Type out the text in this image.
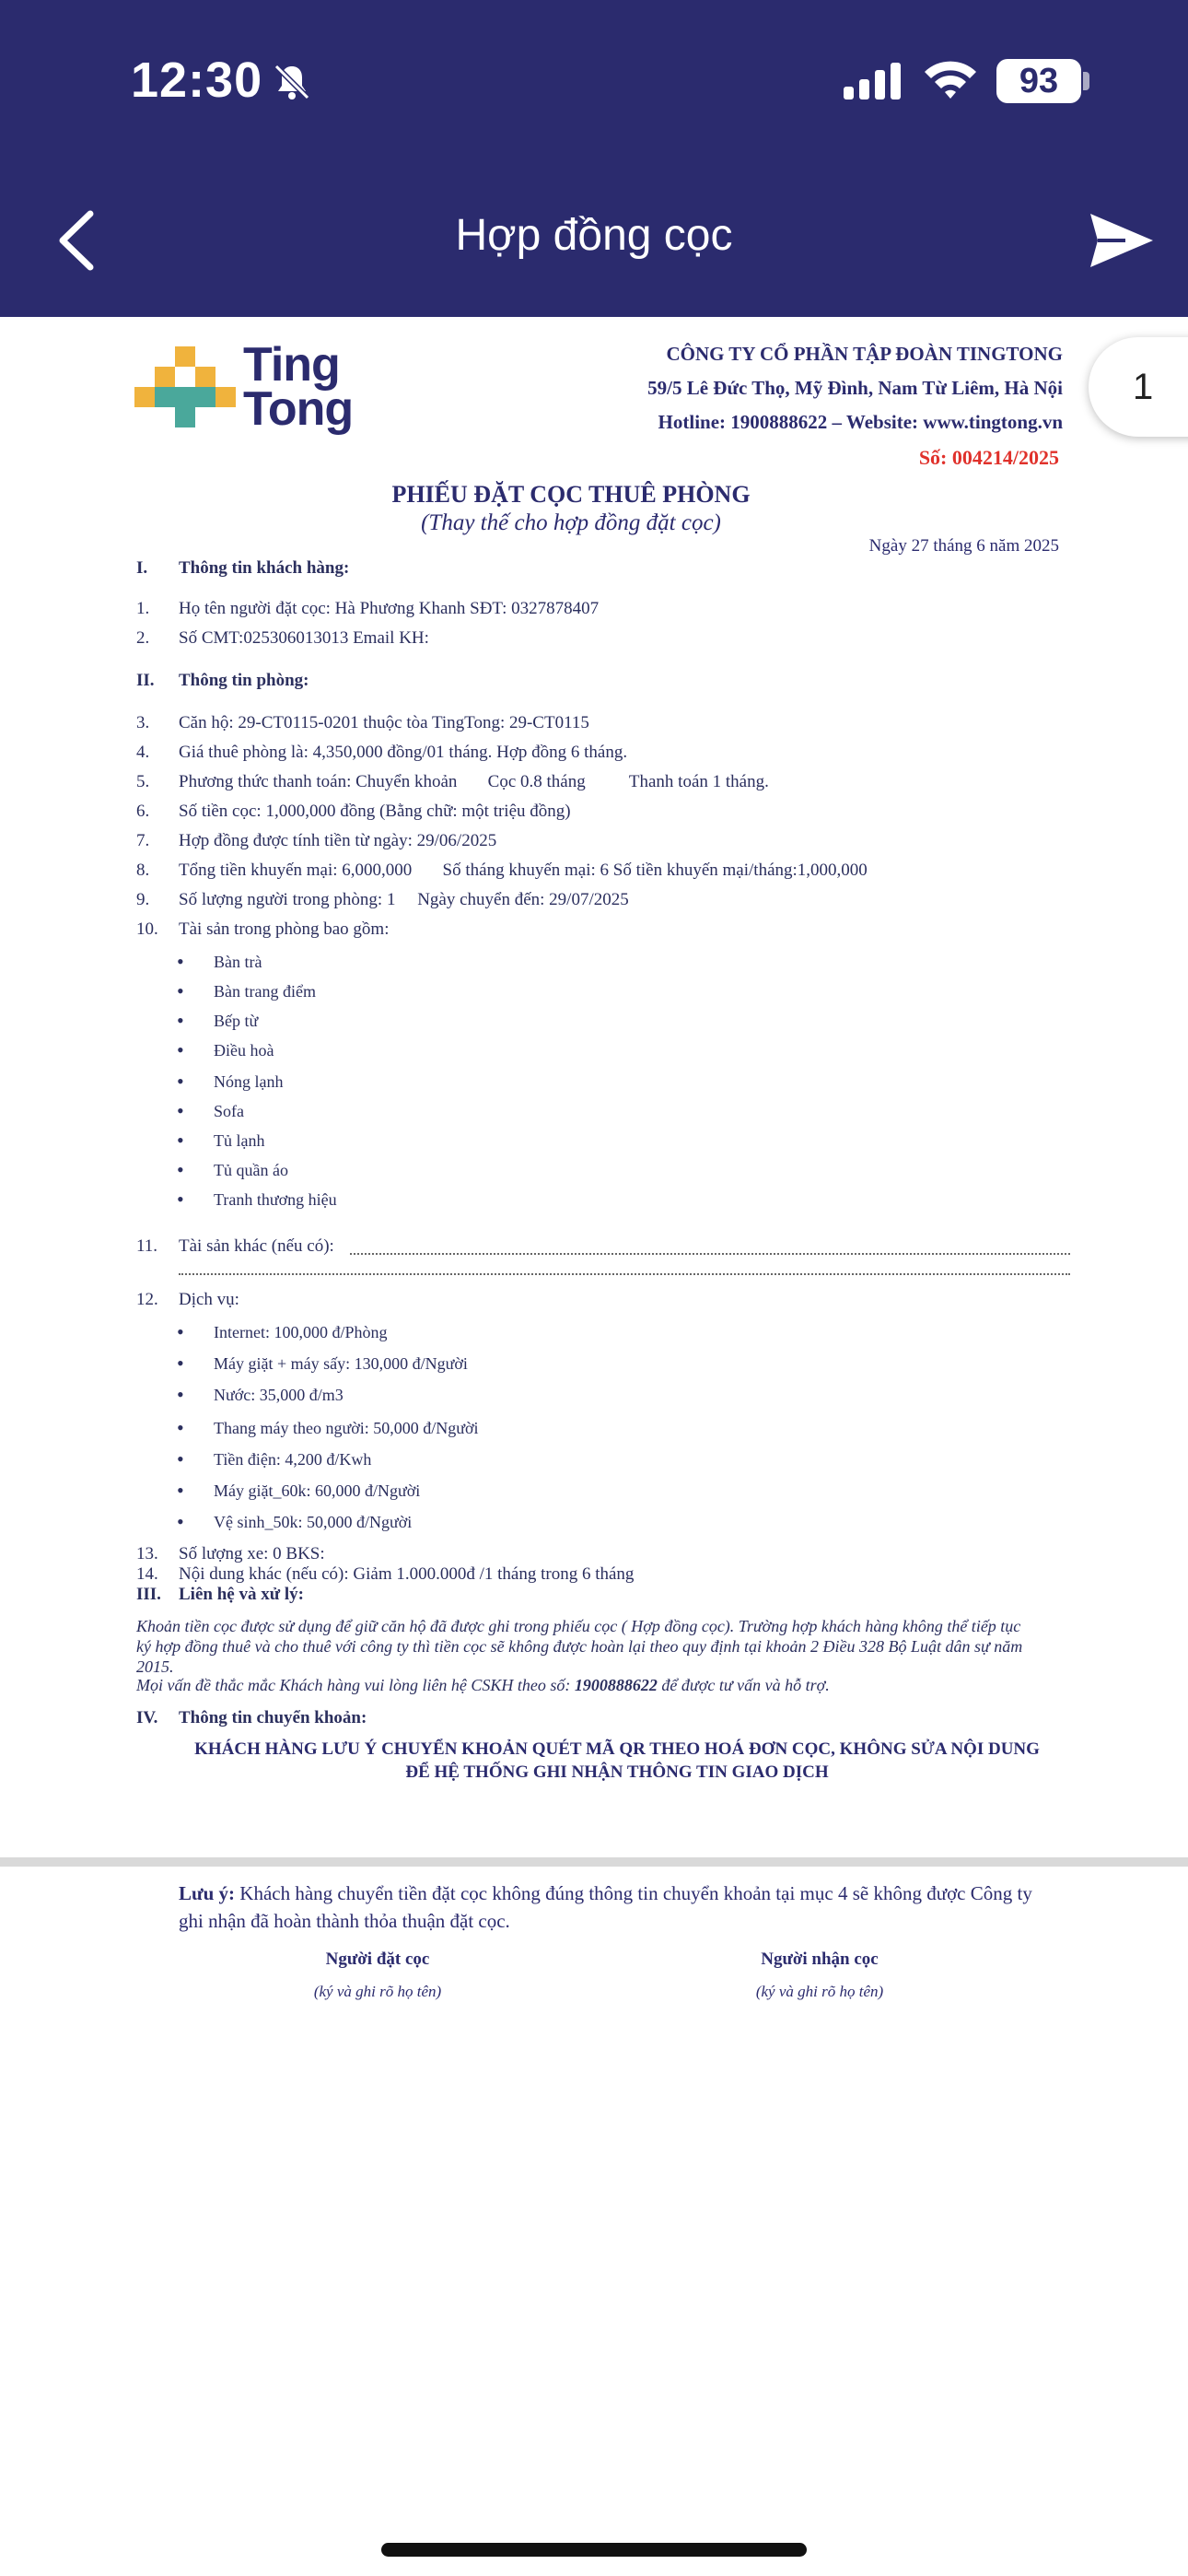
12:30	93
Hợp đồng cọc
1
Ting
Tong
CÔNG TY CỔ PHẦN TẬP ĐOÀN TINGTONG
59/5 Lê Đức Thọ, Mỹ Đình, Nam Từ Liêm, Hà Nội
Hotline: 1900888622 – Website: www.tingtong.vn
Số: 004214/2025
PHIẾU ĐẶT CỌC THUÊ PHÒNG
(Thay thế cho hợp đồng đặt cọc)
Ngày 27 tháng 6 năm 2025
I. Thông tin khách hàng:
1. Họ tên người đặt cọc: Hà Phương Khanh SĐT: 0327878407
2. Số CMT:025306013013 Email KH:
II. Thông tin phòng:
3. Căn hộ: 29-CT0115-0201 thuộc tòa TingTong: 29-CT0115
4. Giá thuê phòng là: 4,350,000 đồng/01 tháng. Hợp đồng 6 tháng.
5. Phương thức thanh toán: Chuyển khoản       Cọc 0.8 tháng          Thanh toán 1 tháng.
6. Số tiền cọc: 1,000,000 đồng (Bằng chữ: một triệu đồng)
7. Hợp đồng được tính tiền từ ngày: 29/06/2025
8. Tổng tiền khuyến mại: 6,000,000       Số tháng khuyến mại: 6 Số tiền khuyến mại/tháng:1,000,000
9. Số lượng người trong phòng: 1     Ngày chuyển đến: 29/07/2025
10. Tài sản trong phòng bao gồm:
• Bàn trà
• Bàn trang điểm
• Bếp từ
• Điều hoà
• Nóng lạnh
• Sofa
• Tủ lạnh
• Tủ quần áo
• Tranh thương hiệu
11. Tài sản khác (nếu có):
12. Dịch vụ:
• Internet: 100,000 đ/Phòng
• Máy giặt + máy sấy: 130,000 đ/Người
• Nước: 35,000 đ/m3
• Thang máy theo người: 50,000 đ/Người
• Tiền điện: 4,200 đ/Kwh
• Máy giặt_60k: 60,000 đ/Người
• Vệ sinh_50k: 50,000 đ/Người
13. Số lượng xe: 0 BKS:
14. Nội dung khác (nếu có): Giảm 1.000.000đ /1 tháng trong 6 tháng
III. Liên hệ và xử lý:
Khoản tiền cọc được sử dụng để giữ căn hộ đã được ghi trong phiếu cọc ( Hợp đồng cọc). Trường hợp khách hàng không thể tiếp tục ký hợp đồng thuê và cho thuê với công ty thì tiền cọc sẽ không được hoàn lại theo quy định tại khoản 2 Điều 328 Bộ Luật dân sự năm 2015.
Mọi vấn đề thắc mắc Khách hàng vui lòng liên hệ CSKH theo số: 1900888622 để được tư vấn và hỗ trợ.
IV. Thông tin chuyển khoản:
KHÁCH HÀNG LƯU Ý CHUYỂN KHOẢN QUÉT MÃ QR THEO HOÁ ĐƠN CỌC, KHÔNG SỬA NỘI DUNG
ĐỂ HỆ THỐNG GHI NHẬN THÔNG TIN GIAO DỊCH
Lưu ý: Khách hàng chuyển tiền đặt cọc không đúng thông tin chuyển khoản tại mục 4 sẽ không được Công ty ghi nhận đã hoàn thành thỏa thuận đặt cọc.
Người đặt cọc	Người nhận cọc
(ký và ghi rõ họ tên)	(ký và ghi rõ họ tên)
